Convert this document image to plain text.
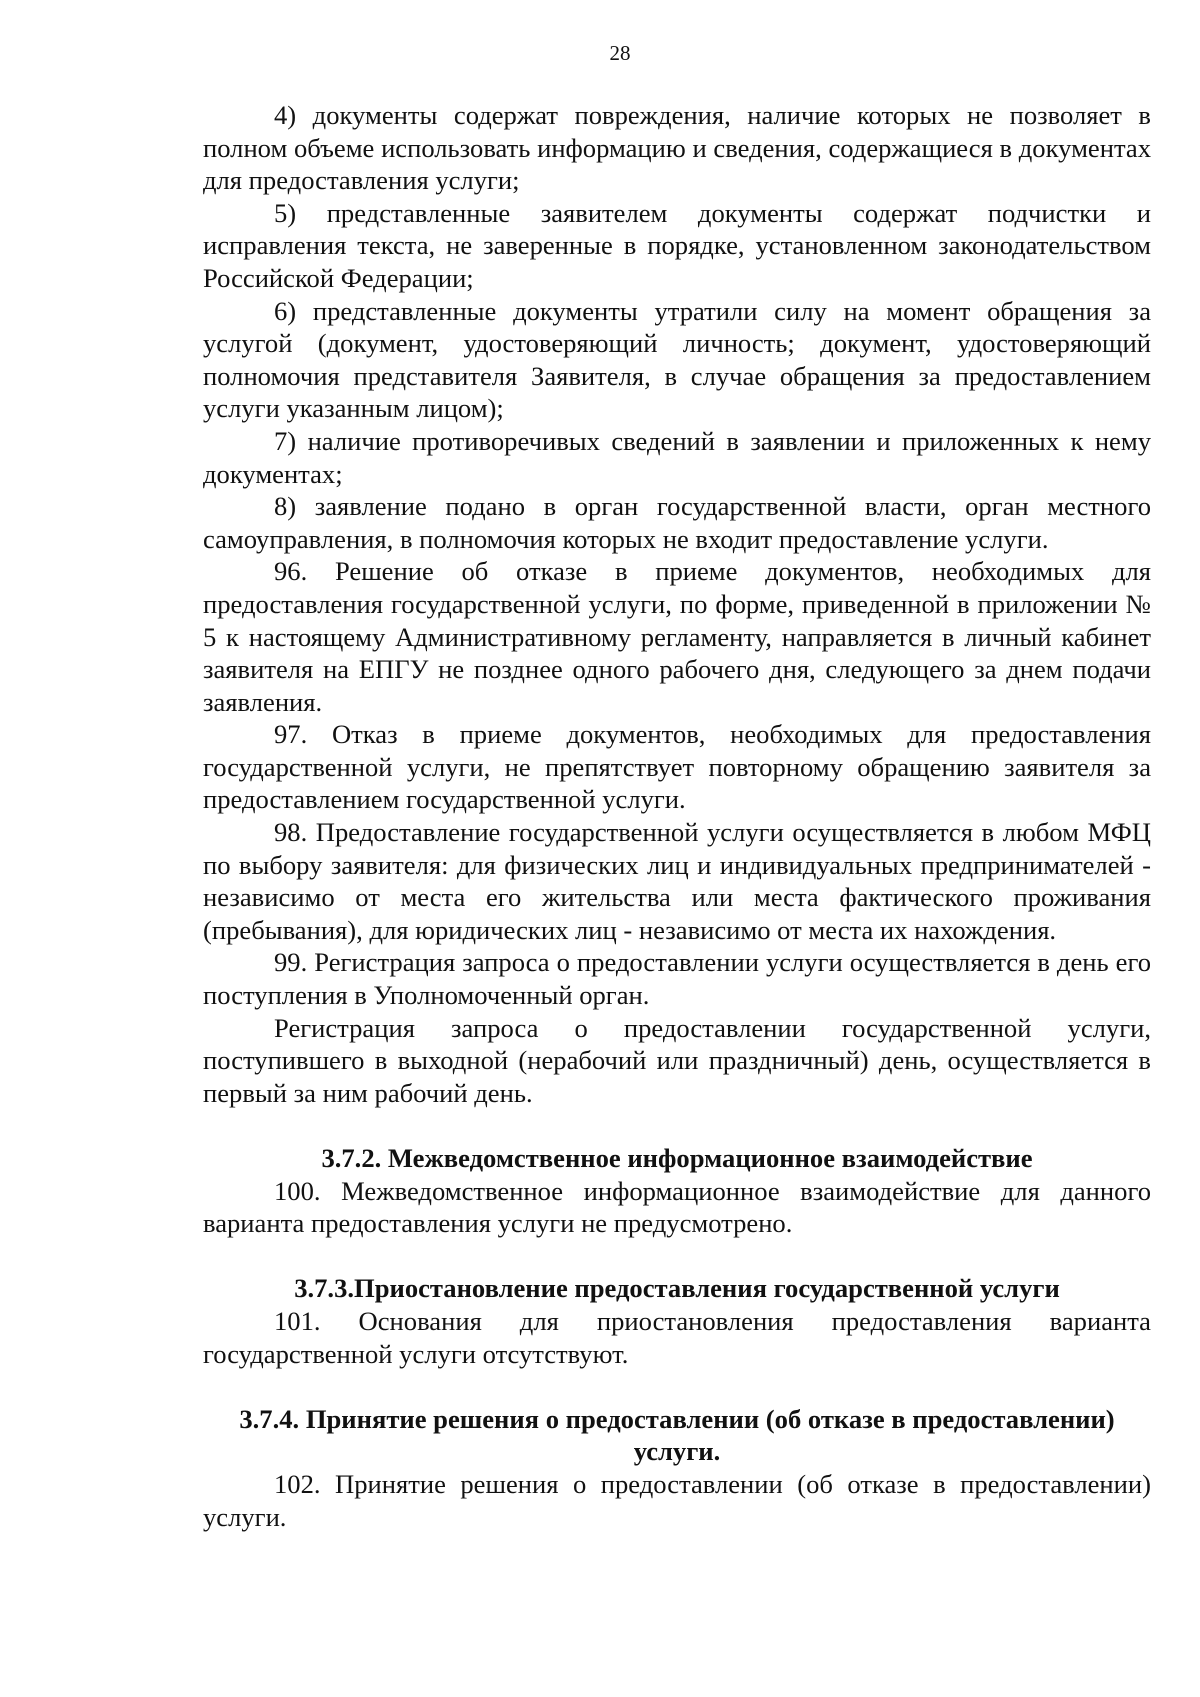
28

4) документы содержат повреждения, наличие которых не позволяет в полном объеме использовать информацию и сведения, содержащиеся в документах для предоставления услуги;

5) представленные заявителем документы содержат подчистки и исправления текста, не заверенные в порядке, установленном законодательством Российской Федерации;

6) представленные документы утратили силу на момент обращения за услугой (документ, удостоверяющий личность; документ, удостоверяющий полномочия представителя Заявителя, в случае обращения за предоставлением услуги указанным лицом);

7) наличие противоречивых сведений в заявлении и приложенных к нему документах;

8) заявление подано в орган государственной власти, орган местного самоуправления, в полномочия которых не входит предоставление услуги.

96. Решение об отказе в приеме документов, необходимых для предоставления государственной услуги, по форме, приведенной в приложении № 5 к настоящему Административному регламенту, направляется в личный кабинет заявителя на ЕПГУ не позднее одного рабочего дня, следующего за днем подачи заявления.

97. Отказ в приеме документов, необходимых для предоставления государственной услуги, не препятствует повторному обращению заявителя за предоставлением государственной услуги.

98. Предоставление государственной услуги осуществляется в любом МФЦ по выбору заявителя: для физических лиц и индивидуальных предпринимателей - независимо от места его жительства или места фактического проживания (пребывания), для юридических лиц - независимо от места их нахождения.

99. Регистрация запроса о предоставлении услуги осуществляется в день его поступления в Уполномоченный орган.

Регистрация запроса о предоставлении государственной услуги, поступившего в выходной (нерабочий или праздничный) день, осуществляется в первый за ним рабочий день.

3.7.2. Межведомственное информационное взаимодействие

100. Межведомственное информационное взаимодействие для данного варианта предоставления услуги не предусмотрено.

3.7.3.Приостановление предоставления государственной услуги

101. Основания для приостановления предоставления варианта государственной услуги отсутствуют.

3.7.4. Принятие решения о предоставлении (об отказе в предоставлении) услуги.

102. Принятие решения о предоставлении (об отказе в предоставлении) услуги.
